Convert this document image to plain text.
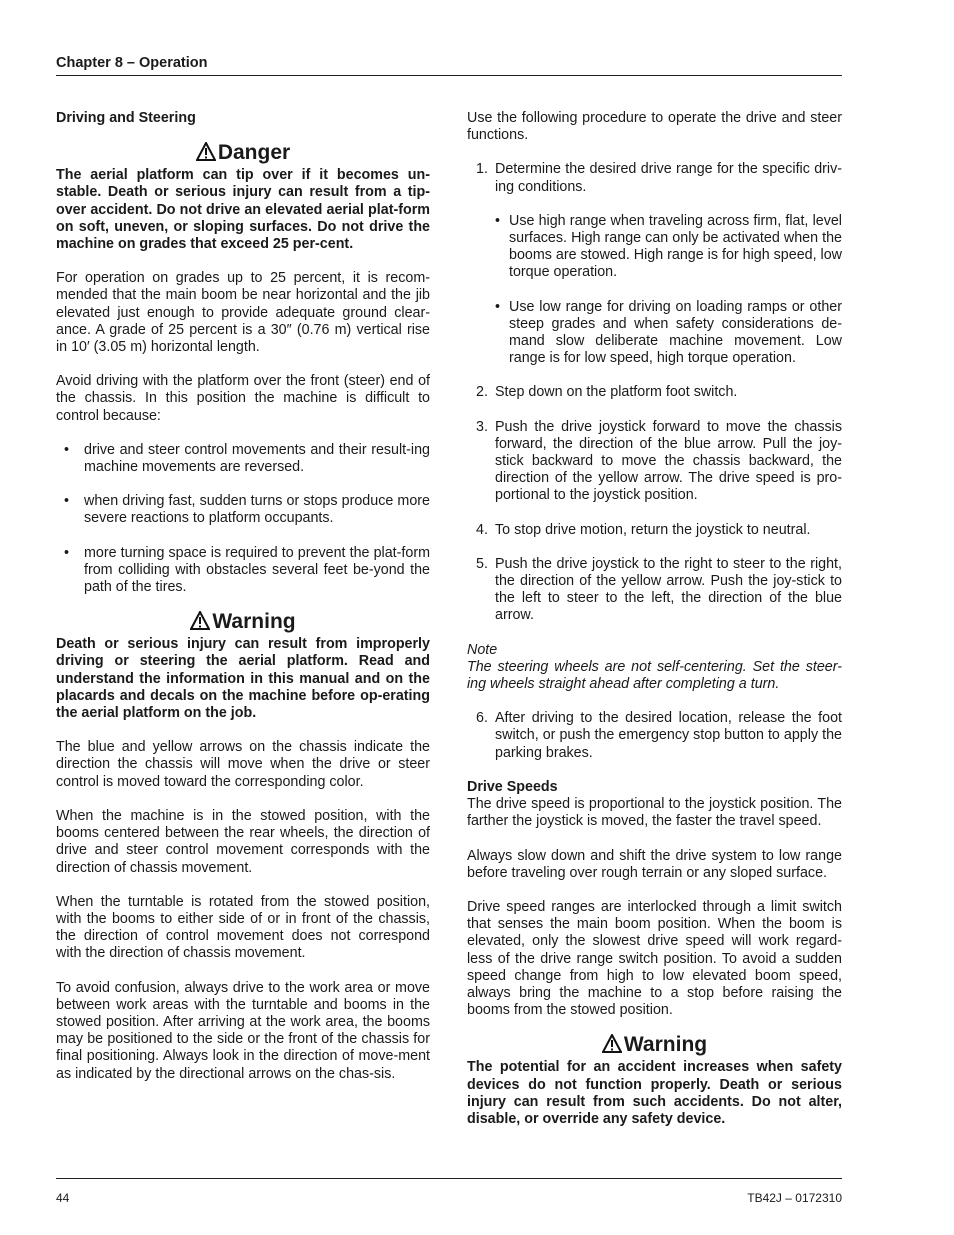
Chapter 8 – Operation

Driving and Steering

Danger

The aerial platform can tip over if it becomes un-stable. Death or serious injury can result from a tip-over accident. Do not drive an elevated aerial plat-form on soft, uneven, or sloping surfaces. Do not drive the machine on grades that exceed 25 per-cent.

For operation on grades up to 25 percent, it is recom-mended that the main boom be near horizontal and the jib elevated just enough to provide adequate ground clear-ance. A grade of 25 percent is a 30″ (0.76 m) vertical rise in 10′ (3.05 m) horizontal length.

Avoid driving with the platform over the front (steer) end of the chassis. In this position the machine is difficult to control because:

• drive and steer control movements and their result-ing machine movements are reversed.

• when driving fast, sudden turns or stops produce more severe reactions to platform occupants.

• more turning space is required to prevent the plat-form from colliding with obstacles several feet be-yond the path of the tires.

Warning

Death or serious injury can result from improperly driving or steering the aerial platform. Read and understand the information in this manual and on the placards and decals on the machine before op-erating the aerial platform on the job.

The blue and yellow arrows on the chassis indicate the direction the chassis will move when the drive or steer control is moved toward the corresponding color.

When the machine is in the stowed position, with the booms centered between the rear wheels, the direction of drive and steer control movement corresponds with the direction of chassis movement.

When the turntable is rotated from the stowed position, with the booms to either side of or in front of the chassis, the direction of control movement does not correspond with the direction of chassis movement.

To avoid confusion, always drive to the work area or move between work areas with the turntable and booms in the stowed position. After arriving at the work area, the booms may be positioned to the side or the front of the chassis for final positioning. Always look in the direction of move-ment as indicated by the directional arrows on the chas-sis.

Use the following procedure to operate the drive and steer functions.

1. Determine the desired drive range for the specific driv-ing conditions.

• Use high range when traveling across firm, flat, level surfaces. High range can only be activated when the booms are stowed. High range is for high speed, low torque operation.

• Use low range for driving on loading ramps or other steep grades and when safety considerations de-mand slow deliberate machine movement. Low range is for low speed, high torque operation.

2. Step down on the platform foot switch.

3. Push the drive joystick forward to move the chassis forward, the direction of the blue arrow. Pull the joy-stick backward to move the chassis backward, the direction of the yellow arrow. The drive speed is pro-portional to the joystick position.

4. To stop drive motion, return the joystick to neutral.

5. Push the drive joystick to the right to steer to the right, the direction of the yellow arrow. Push the joy-stick to the left to steer to the left, the direction of the blue arrow.

Note

The steering wheels are not self-centering. Set the steer-ing wheels straight ahead after completing a turn.

6. After driving to the desired location, release the foot switch, or push the emergency stop button to apply the parking brakes.

Drive Speeds

The drive speed is proportional to the joystick position. The farther the joystick is moved, the faster the travel speed.

Always slow down and shift the drive system to low range before traveling over rough terrain or any sloped surface.

Drive speed ranges are interlocked through a limit switch that senses the main boom position. When the boom is elevated, only the slowest drive speed will work regard-less of the drive range switch position. To avoid a sudden speed change from high to low elevated boom speed, always bring the machine to a stop before raising the booms from the stowed position.

Warning

The potential for an accident increases when safety devices do not function properly. Death or serious injury can result from such accidents. Do not alter, disable, or override any safety device.

44	TB42J – 0172310
